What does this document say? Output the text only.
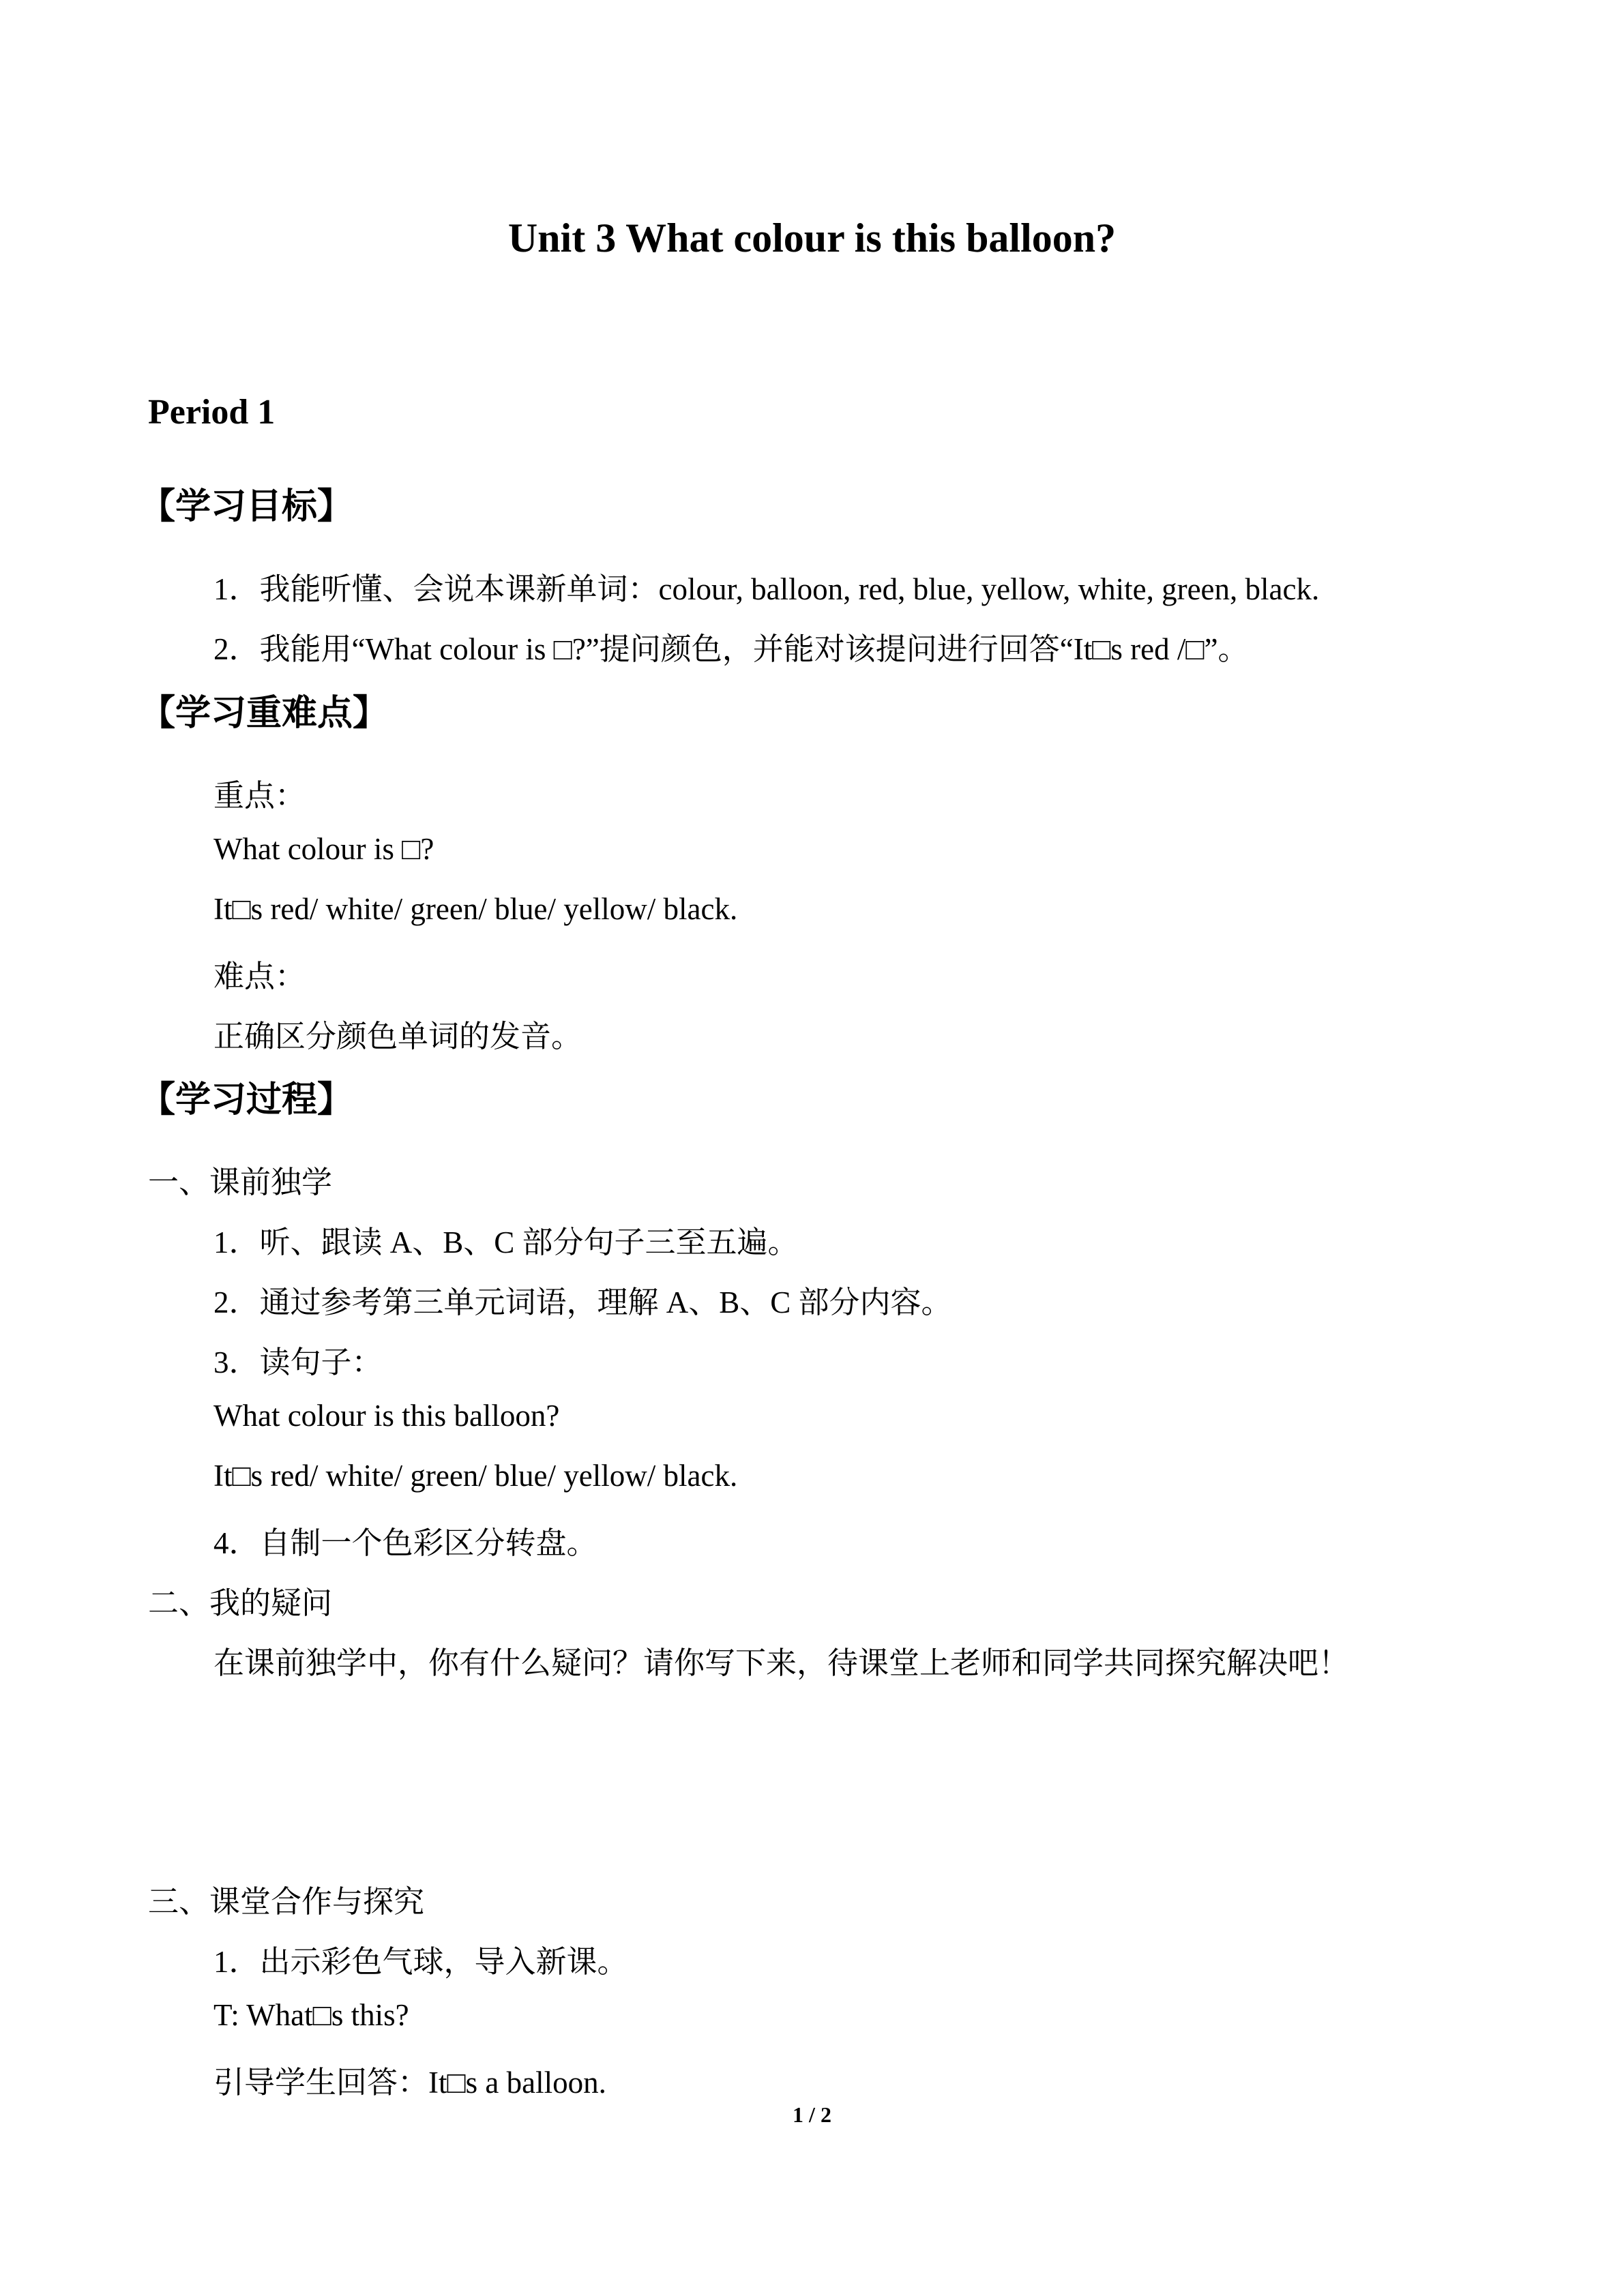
Unit 3 What colour is this balloon?
Period 1
【学习目标】
1．我能听懂、会说本课新单词：colour, balloon, red, blue, yellow, white, green, black.
2．我能用“What colour is □?”提问颜色，并能对该提问进行回答“It□s red /□”。
【学习重难点】
重点：
What colour is □?
It□s red/ white/ green/ blue/ yellow/ black.
难点：
正确区分颜色单词的发音。
【学习过程】
一、课前独学
1．听、跟读 A、B、C 部分句子三至五遍。
2．通过参考第三单元词语，理解 A、B、C 部分内容。
3．读句子：
What colour is this balloon?
It□s red/ white/ green/ blue/ yellow/ black.
4．自制一个色彩区分转盘。
二、我的疑问
在课前独学中，你有什么疑问？请你写下来，待课堂上老师和同学共同探究解决吧！
三、课堂合作与探究
1．出示彩色气球，导入新课。
T: What□s this?
引导学生回答：It□s a balloon.
1 / 2
